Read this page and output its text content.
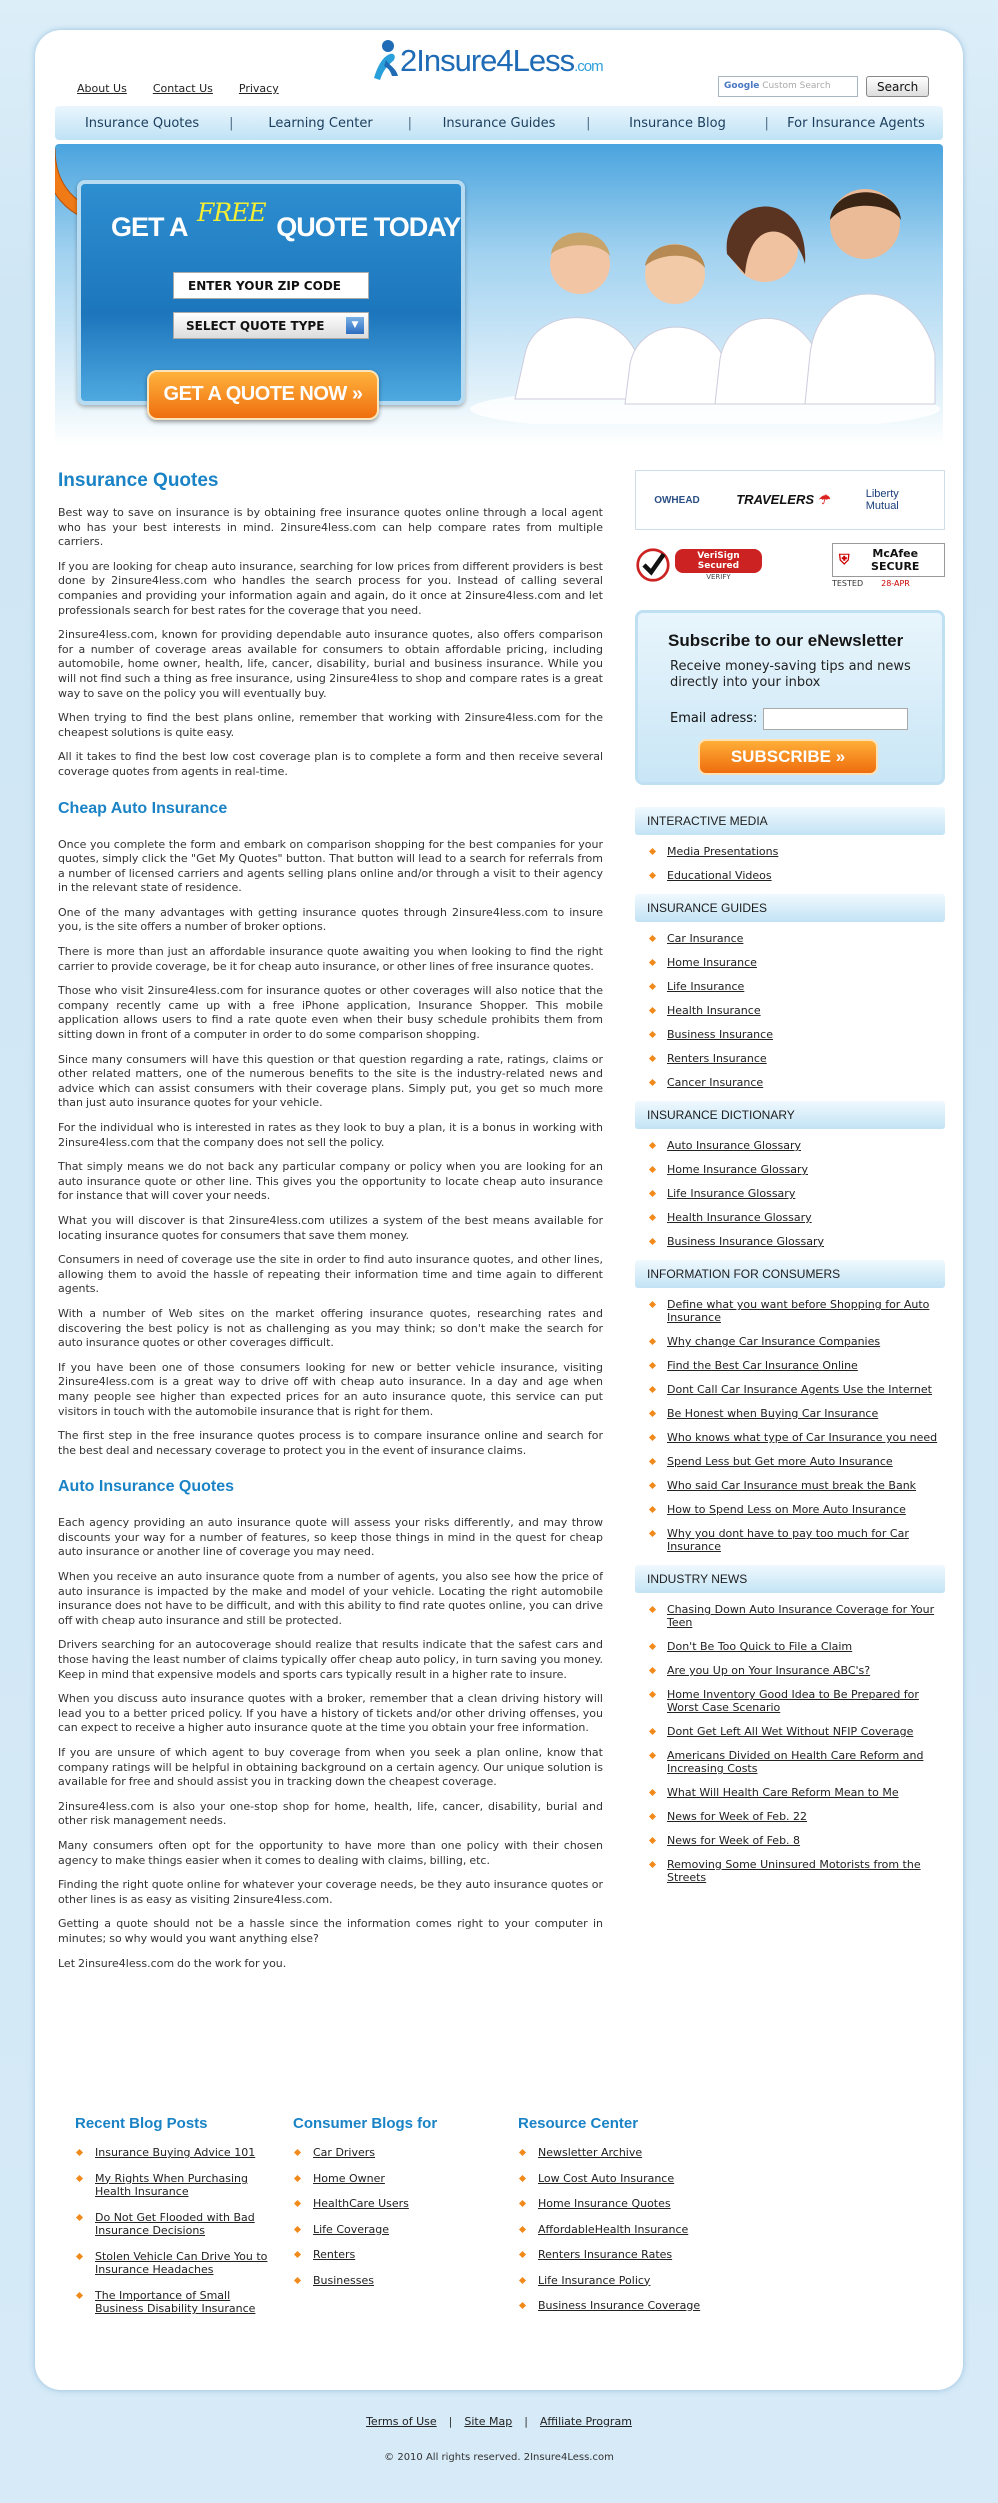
About Us Contact Us Privacy
2Insure4Less.com
Google Custom Search	Search
Insurance Quotes	|	Learning Center	|	Insurance Guides	|	Insurance Blog	|	For Insurance Agents
GET A FREE QUOTE TODAY
ENTER YOUR ZIP CODE
SELECT QUOTE TYPE	▼
GET A QUOTE NOW »
Insurance Quotes

Best way to save on insurance is by obtaining free insurance quotes online through a local agent who has your best interests in mind. 2insure4less.com can help compare rates from multiple carriers.

If you are looking for cheap auto insurance, searching for low prices from different providers is best done by 2insure4less.com who handles the search process for you. Instead of calling several companies and providing your information again and again, do it once at 2insure4less.com and let professionals search for best rates for the coverage that you need.

2insure4less.com, known for providing dependable auto insurance quotes, also offers comparison for a number of coverage areas available for consumers to obtain affordable pricing, including automobile, home owner, health, life, cancer, disability, burial and business insurance. While you will not find such a thing as free insurance, using 2insure4less to shop and compare rates is a great way to save on the policy you will eventually buy.

When trying to find the best plans online, remember that working with 2insure4less.com for the cheapest solutions is quite easy.

All it takes to find the best low cost coverage plan is to complete a form and then receive several coverage quotes from agents in real-time.

Cheap Auto Insurance

Once you complete the form and embark on comparison shopping for the best companies for your quotes, simply click the "Get My Quotes" button. That button will lead to a search for referrals from a number of licensed carriers and agents selling plans online and/or through a visit to their agency in the relevant state of residence.

One of the many advantages with getting insurance quotes through 2insure4less.com to insure you, is the site offers a number of broker options.

There is more than just an affordable insurance quote awaiting you when looking to find the right carrier to provide coverage, be it for cheap auto insurance, or other lines of free insurance quotes.

Those who visit 2insure4less.com for insurance quotes or other coverages will also notice that the company recently came up with a free iPhone application, Insurance Shopper. This mobile application allows users to find a rate quote even when their busy schedule prohibits them from sitting down in front of a computer in order to do some comparison shopping.

Since many consumers will have this question or that question regarding a rate, ratings, claims or other related matters, one of the numerous benefits to the site is the industry-related news and advice which can assist consumers with their coverage plans. Simply put, you get so much more than just auto insurance quotes for your vehicle.

For the individual who is interested in rates as they look to buy a plan, it is a bonus in working with 2insure4less.com that the company does not sell the policy.

That simply means we do not back any particular company or policy when you are looking for an auto insurance quote or other line. This gives you the opportunity to locate cheap auto insurance for instance that will cover your needs.

What you will discover is that 2insure4less.com utilizes a system of the best means available for locating insurance quotes for consumers that save them money.

Consumers in need of coverage use the site in order to find auto insurance quotes, and other lines, allowing them to avoid the hassle of repeating their information time and time again to different agents.

With a number of Web sites on the market offering insurance quotes, researching rates and discovering the best policy is not as challenging as you may think; so don't make the search for auto insurance quotes or other coverages difficult.

If you have been one of those consumers looking for new or better vehicle insurance, visiting 2insure4less.com is a great way to drive off with cheap auto insurance. In a day and age when many people see higher than expected prices for an auto insurance quote, this service can put visitors in touch with the automobile insurance that is right for them.

The first step in the free insurance quotes process is to compare insurance online and search for the best deal and necessary coverage to protect you in the event of insurance claims.

Auto Insurance Quotes

Each agency providing an auto insurance quote will assess your risks differently, and may throw discounts your way for a number of features, so keep those things in mind in the quest for cheap auto insurance or another line of coverage you may need.

When you receive an auto insurance quote from a number of agents, you also see how the price of auto insurance is impacted by the make and model of your vehicle. Locating the right automobile insurance does not have to be difficult, and with this ability to find rate quotes online, you can drive off with cheap auto insurance and still be protected.

Drivers searching for an autocoverage should realize that results indicate that the safest cars and those having the least number of claims typically offer cheap auto policy, in turn saving you money. Keep in mind that expensive models and sports cars typically result in a higher rate to insure.

When you discuss auto insurance quotes with a broker, remember that a clean driving history will lead you to a better priced policy. If you have a history of tickets and/or other driving offenses, you can expect to receive a higher auto insurance quote at the time you obtain your free information.

If you are unsure of which agent to buy coverage from when you seek a plan online, know that company ratings will be helpful in obtaining background on a certain agency. Our unique solution is available for free and should assist you in tracking down the cheapest coverage.

2insure4less.com is also your one-stop shop for home, health, life, cancer, disability, burial and other risk management needs.

Many consumers often opt for the opportunity to have more than one policy with their chosen agency to make things easier when it comes to dealing with claims, billing, etc.

Finding the right quote online for whatever your coverage needs, be they auto insurance quotes or other lines is as easy as visiting 2insure4less.com.

Getting a quote should not be a hassle since the information comes right to your computer in minutes; so why would you want anything else?

Let 2insure4less.com do the work for you.

OWHEAD	TRAVELERS ☂	Liberty Mutual
VeriSign Secured
VERIFY
⛨	McAfee SECURE
TESTED 28-APR
Subscribe to our eNewsletter
Receive money-saving tips and news directly into your inbox
Email adress:
SUBSCRIBE »
INTERACTIVE MEDIA
Media Presentations
Educational Videos
INSURANCE GUIDES
Car Insurance
Home Insurance
Life Insurance
Health Insurance
Business Insurance
Renters Insurance
Cancer Insurance
INSURANCE DICTIONARY
Auto Insurance Glossary
Home Insurance Glossary
Life Insurance Glossary
Health Insurance Glossary
Business Insurance Glossary
INFORMATION FOR CONSUMERS
Define what you want before Shopping for Auto Insurance
Why change Car Insurance Companies
Find the Best Car Insurance Online
Dont Call Car Insurance Agents Use the Internet
Be Honest when Buying Car Insurance
Who knows what type of Car Insurance you need
Spend Less but Get more Auto Insurance
Who said Car Insurance must break the Bank
How to Spend Less on More Auto Insurance
Why you dont have to pay too much for Car Insurance
INDUSTRY NEWS
Chasing Down Auto Insurance Coverage for Your Teen
Don't Be Too Quick to File a Claim
Are you Up on Your Insurance ABC's?
Home Inventory Good Idea to Be Prepared for Worst Case Scenario
Dont Get Left All Wet Without NFIP Coverage
Americans Divided on Health Care Reform and Increasing Costs
What Will Health Care Reform Mean to Me
News for Week of Feb. 22
News for Week of Feb. 8
Removing Some Uninsured Motorists from the Streets
Recent Blog Posts
Insurance Buying Advice 101
My Rights When Purchasing Health Insurance
Do Not Get Flooded with Bad Insurance Decisions
Stolen Vehicle Can Drive You to Insurance Headaches
The Importance of Small Business Disability Insurance
Consumer Blogs for
Car Drivers
Home Owner
HealthCare Users
Life Coverage
Renters
Businesses
Resource Center
Newsletter Archive
Low Cost Auto Insurance
Home Insurance Quotes
AffordableHealth Insurance
Renters Insurance Rates
Life Insurance Policy
Business Insurance Coverage
Terms of Use | Site Map | Affiliate Program
© 2010 All rights reserved. 2Insure4Less.com
